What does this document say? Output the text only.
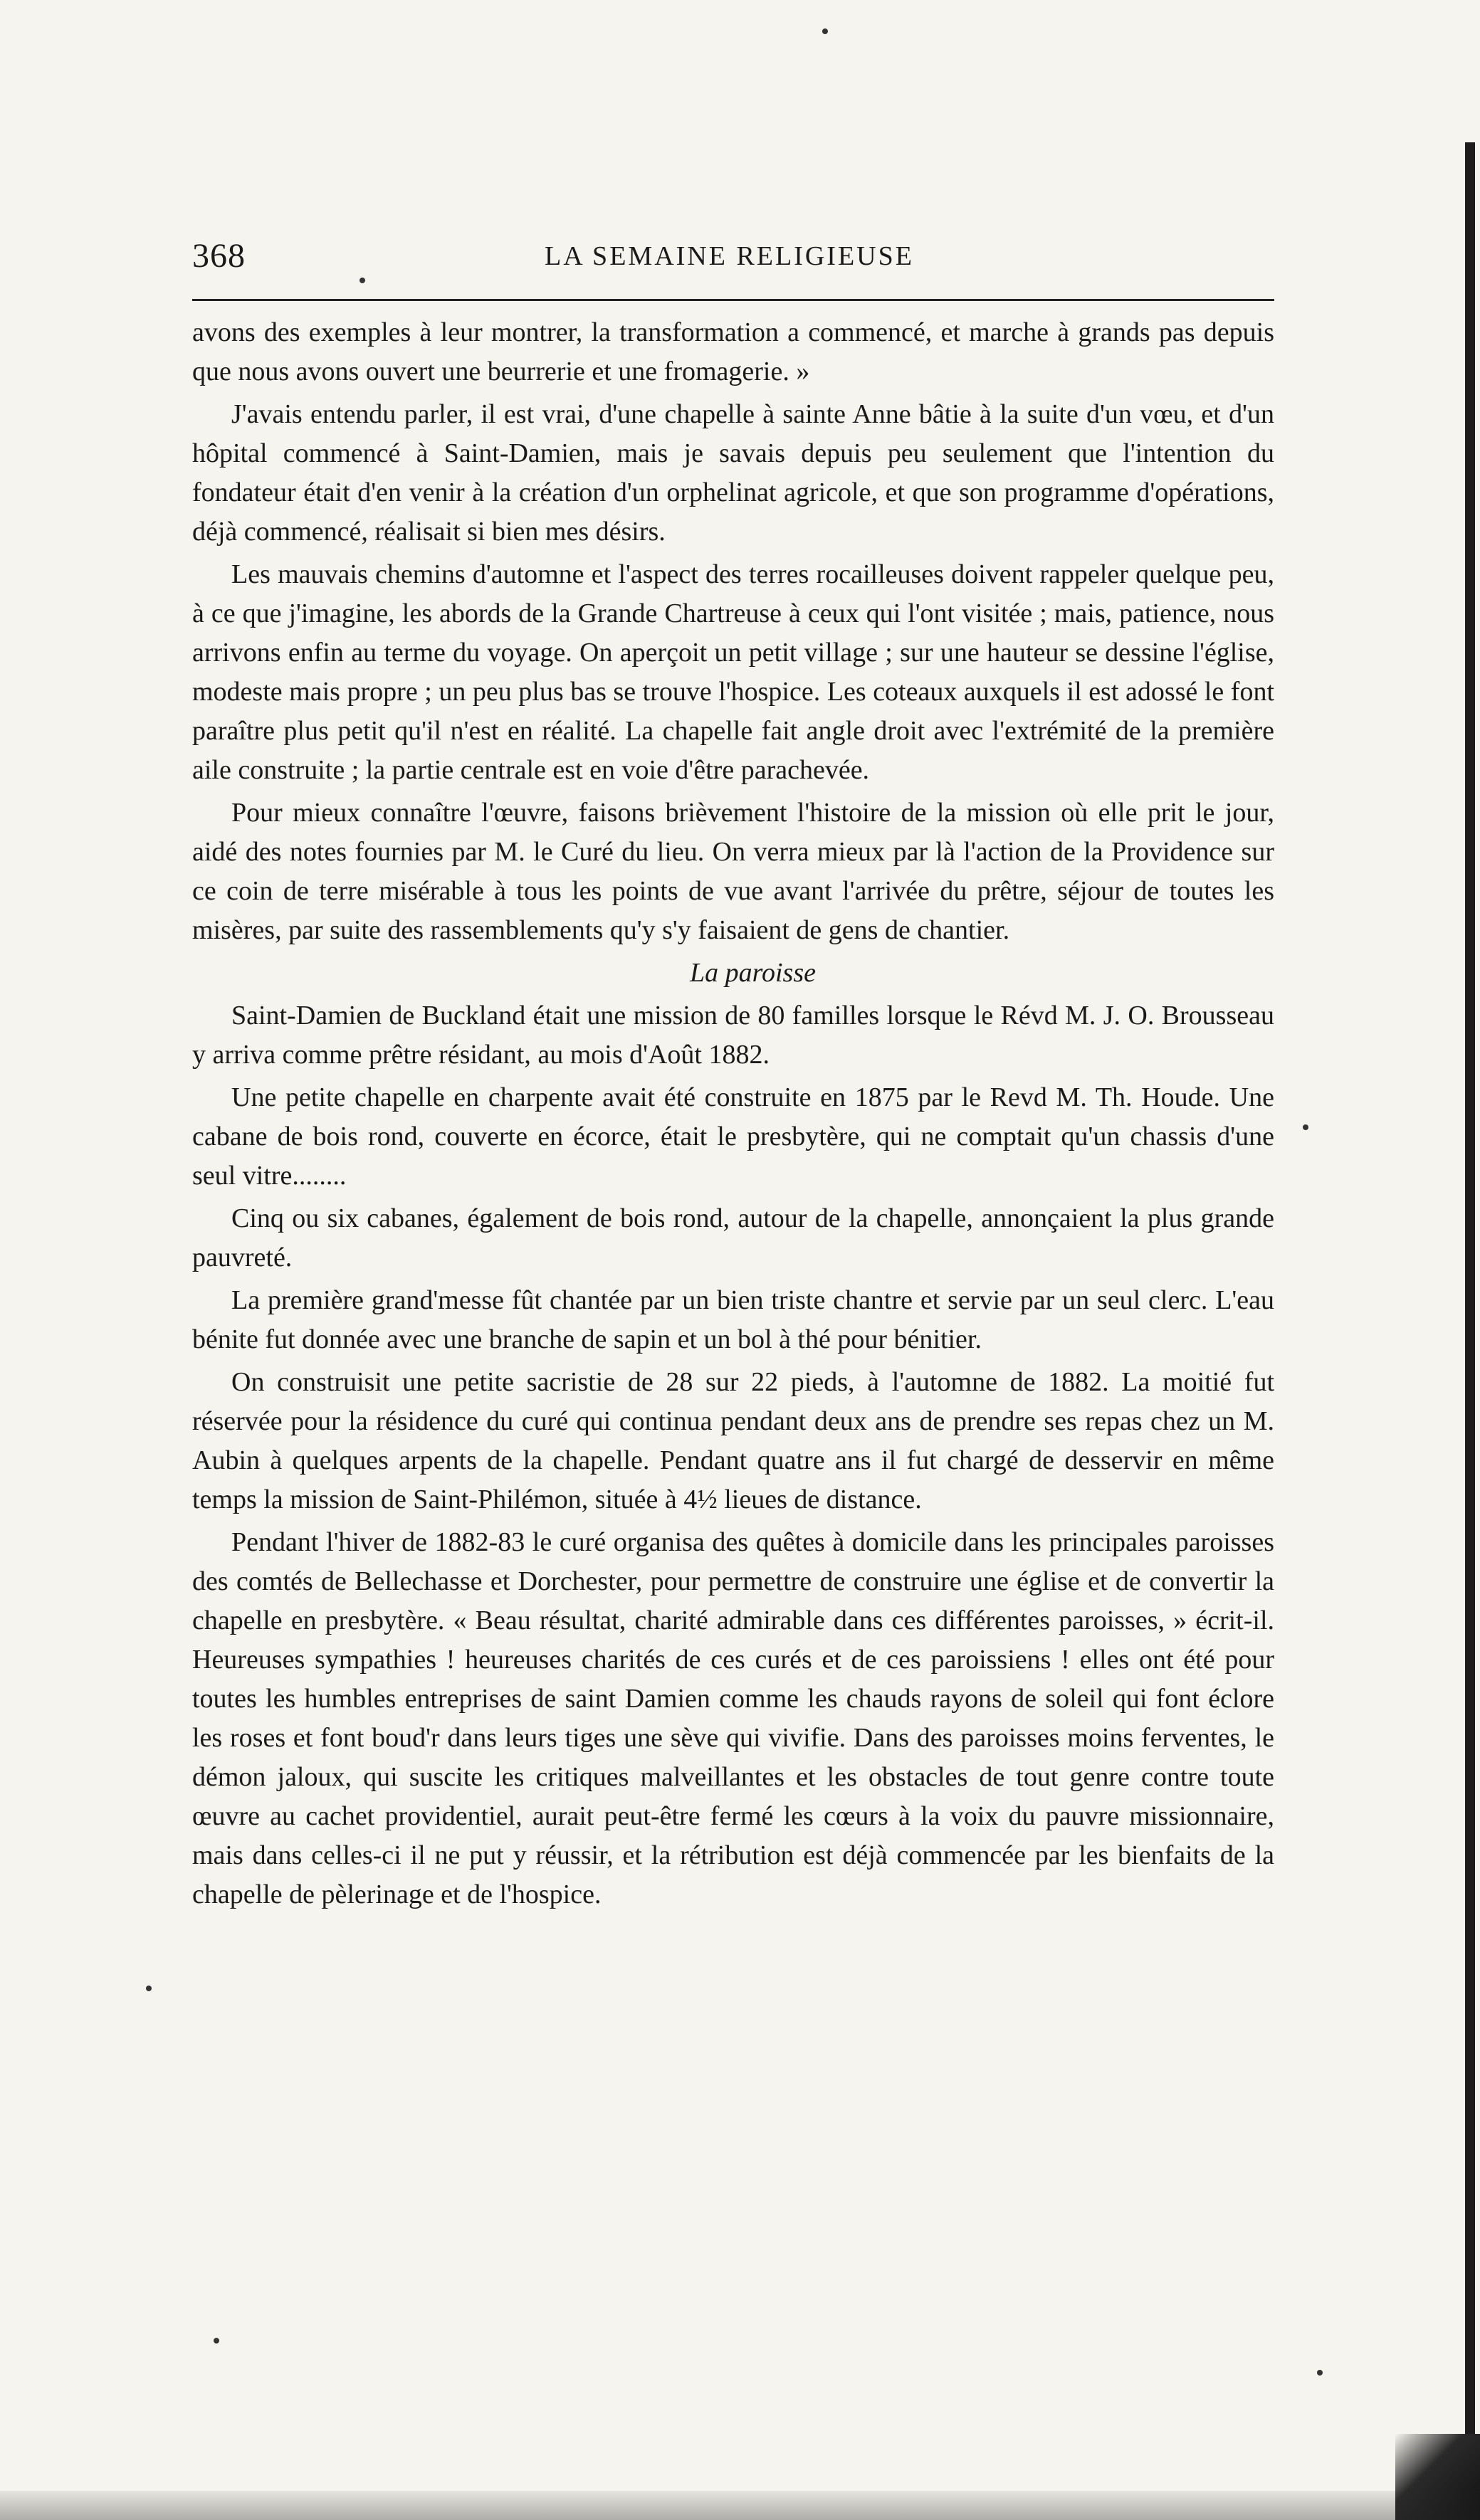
368	LA SEMAINE RELIGIEUSE

avons des exemples à leur montrer, la transformation a commencé, et marche à grands pas depuis que nous avons ouvert une beurrerie et une fromagerie. »

J'avais entendu parler, il est vrai, d'une chapelle à sainte Anne bâtie à la suite d'un vœu, et d'un hôpital commencé à Saint-Damien, mais je savais depuis peu seulement que l'intention du fondateur était d'en venir à la création d'un orphelinat agricole, et que son programme d'opérations, déjà commencé, réalisait si bien mes désirs.

Les mauvais chemins d'automne et l'aspect des terres rocailleuses doivent rappeler quelque peu, à ce que j'imagine, les abords de la Grande Chartreuse à ceux qui l'ont visitée ; mais, patience, nous arrivons enfin au terme du voyage. On aperçoit un petit village ; sur une hauteur se dessine l'église, modeste mais propre ; un peu plus bas se trouve l'hospice. Les coteaux auxquels il est adossé le font paraître plus petit qu'il n'est en réalité. La chapelle fait angle droit avec l'extrémité de la première aile construite ; la partie centrale est en voie d'être parachevée.

Pour mieux connaître l'œuvre, faisons brièvement l'histoire de la mission où elle prit le jour, aidé des notes fournies par M. le Curé du lieu. On verra mieux par là l'action de la Providence sur ce coin de terre misérable à tous les points de vue avant l'arrivée du prêtre, séjour de toutes les misères, par suite des rassemblements qu'y s'y faisaient de gens de chantier.

La paroisse

Saint-Damien de Buckland était une mission de 80 familles lorsque le Révd M. J. O. Brousseau y arriva comme prêtre résidant, au mois d'Août 1882.

Une petite chapelle en charpente avait été construite en 1875 par le Revd M. Th. Houde. Une cabane de bois rond, couverte en écorce, était le presbytère, qui ne comptait qu'un chassis d'une seul vitre........

Cinq ou six cabanes, également de bois rond, autour de la chapelle, annonçaient la plus grande pauvreté.

La première grand'messe fût chantée par un bien triste chantre et servie par un seul clerc. L'eau bénite fut donnée avec une branche de sapin et un bol à thé pour bénitier.

On construisit une petite sacristie de 28 sur 22 pieds, à l'automne de 1882. La moitié fut réservée pour la résidence du curé qui continua pendant deux ans de prendre ses repas chez un M. Aubin à quelques arpents de la chapelle. Pendant quatre ans il fut chargé de desservir en même temps la mission de Saint-Philémon, située à 4½ lieues de distance.

Pendant l'hiver de 1882-83 le curé organisa des quêtes à domicile dans les principales paroisses des comtés de Bellechasse et Dorchester, pour permettre de construire une église et de convertir la chapelle en presbytère. « Beau résultat, charité admirable dans ces différentes paroisses, » écrit-il. Heureuses sympathies ! heureuses charités de ces curés et de ces paroissiens ! elles ont été pour toutes les humbles entreprises de saint Damien comme les chauds rayons de soleil qui font éclore les roses et font boud'r dans leurs tiges une sève qui vivifie. Dans des paroisses moins ferventes, le démon jaloux, qui suscite les critiques malveillantes et les obstacles de tout genre contre toute œuvre au cachet providentiel, aurait peut-être fermé les cœurs à la voix du pauvre missionnaire, mais dans celles-ci il ne put y réussir, et la rétribution est déjà commencée par les bienfaits de la chapelle de pèlerinage et de l'hospice.
